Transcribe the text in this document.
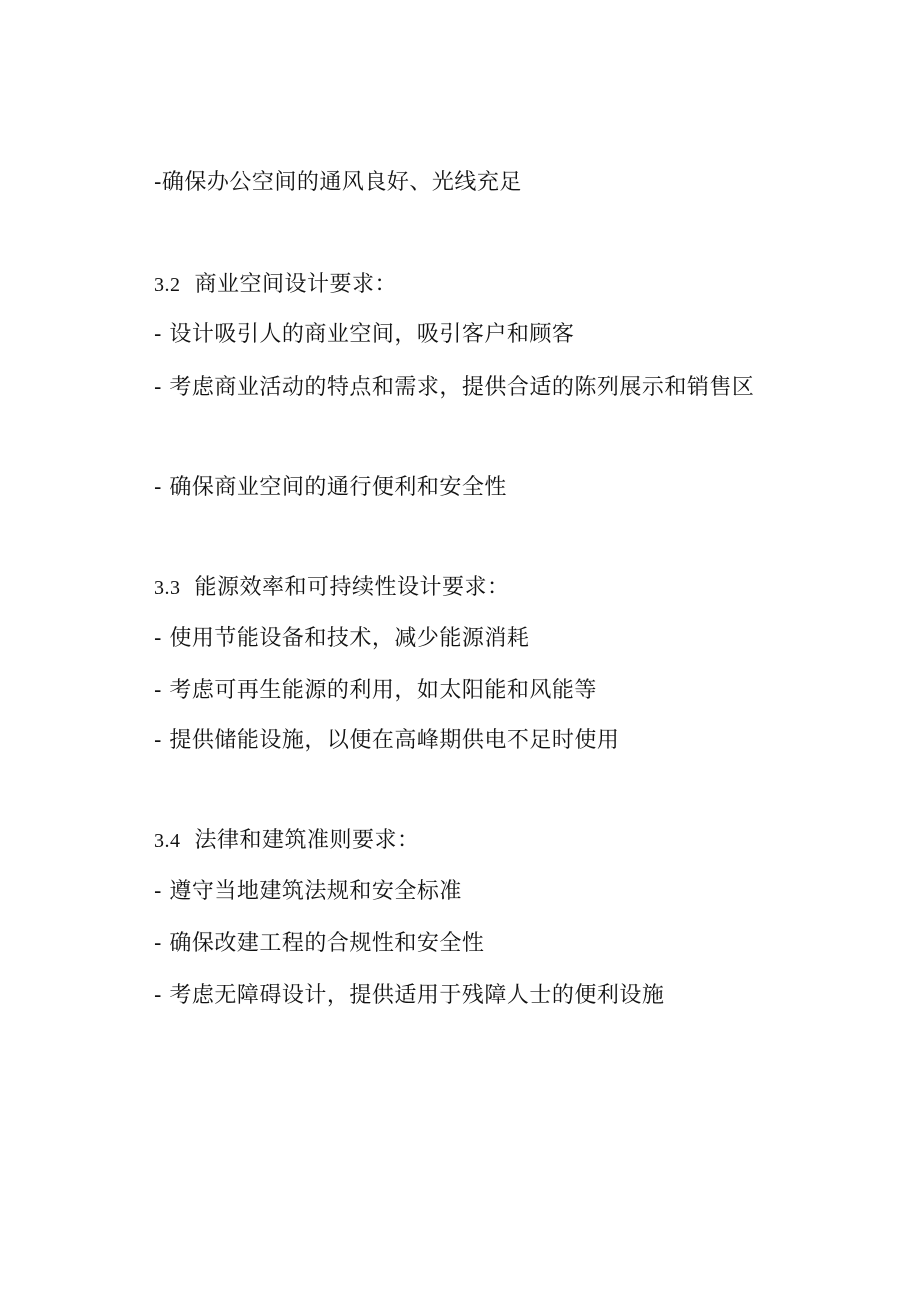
-确保办公空间的通风良好、光线充足
3.2 商业空间设计要求：
- 设计吸引人的商业空间，吸引客户和顾客
- 考虑商业活动的特点和需求，提供合适的陈列展示和销售区
- 确保商业空间的通行便利和安全性
3.3 能源效率和可持续性设计要求：
- 使用节能设备和技术，减少能源消耗
- 考虑可再生能源的利用，如太阳能和风能等
- 提供储能设施，以便在高峰期供电不足时使用
3.4 法律和建筑准则要求：
- 遵守当地建筑法规和安全标准
- 确保改建工程的合规性和安全性
- 考虑无障碍设计，提供适用于残障人士的便利设施
